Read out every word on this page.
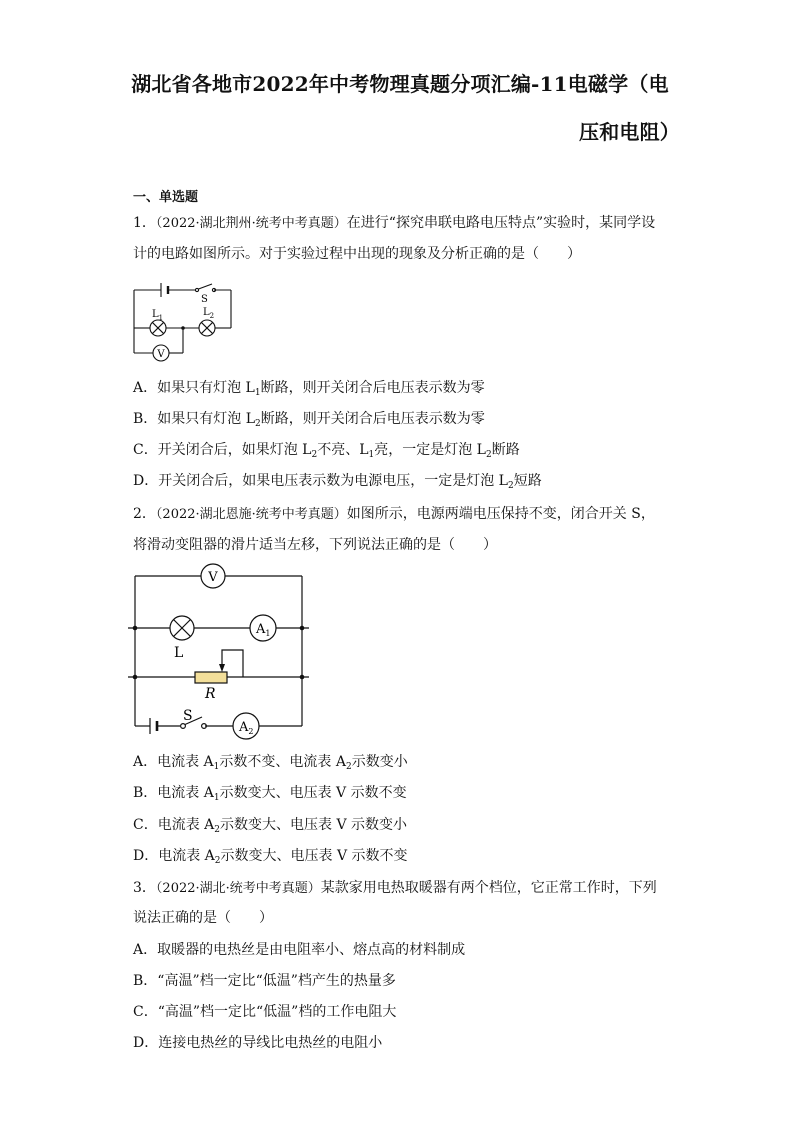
湖北省各地市2022年中考物理真题分项汇编-11电磁学（电
压和电阻）
一、单选题
1．（2022·湖北荆州·统考中考真题）在进行“探究串联电路电压特点”实验时，某同学设
计的电路如图所示。对于实验过程中出现的现象及分析正确的是（　　）
V
S
$L_1$	$L_2$
A．如果只有灯泡 $L_1$断路，则开关闭合后电压表示数为零
B．如果只有灯泡 $L_2$断路，则开关闭合后电压表示数为零
C．开关闭合后，如果灯泡 $L_2$不亮、$L_1$亮，一定是灯泡 $L_2$断路
D．开关闭合后，如果电压表示数为电源电压，一定是灯泡 $L_2$短路
2．（2022·湖北恩施·统考中考真题）如图所示，电源两端电压保持不变，闭合开关 S，
将滑动变阻器的滑片适当左移，下列说法正确的是（　　）
V
L
$A_1$
R
S
$A_2$
A．电流表 $A_1$示数不变、电流表 $A_2$示数变小
B．电流表 $A_1$示数变大、电压表 V 示数不变
C．电流表 $A_2$示数变大、电压表 V 示数变小
D．电流表 $A_2$示数变大、电压表 V 示数不变
3．（2022·湖北·统考中考真题）某款家用电热取暖器有两个档位，它正常工作时，下列
说法正确的是（　　）
A．取暖器的电热丝是由电阻率小、熔点高的材料制成
B．“高温”档一定比“低温”档产生的热量多
C．“高温”档一定比“低温”档的工作电阻大
D．连接电热丝的导线比电热丝的电阻小
